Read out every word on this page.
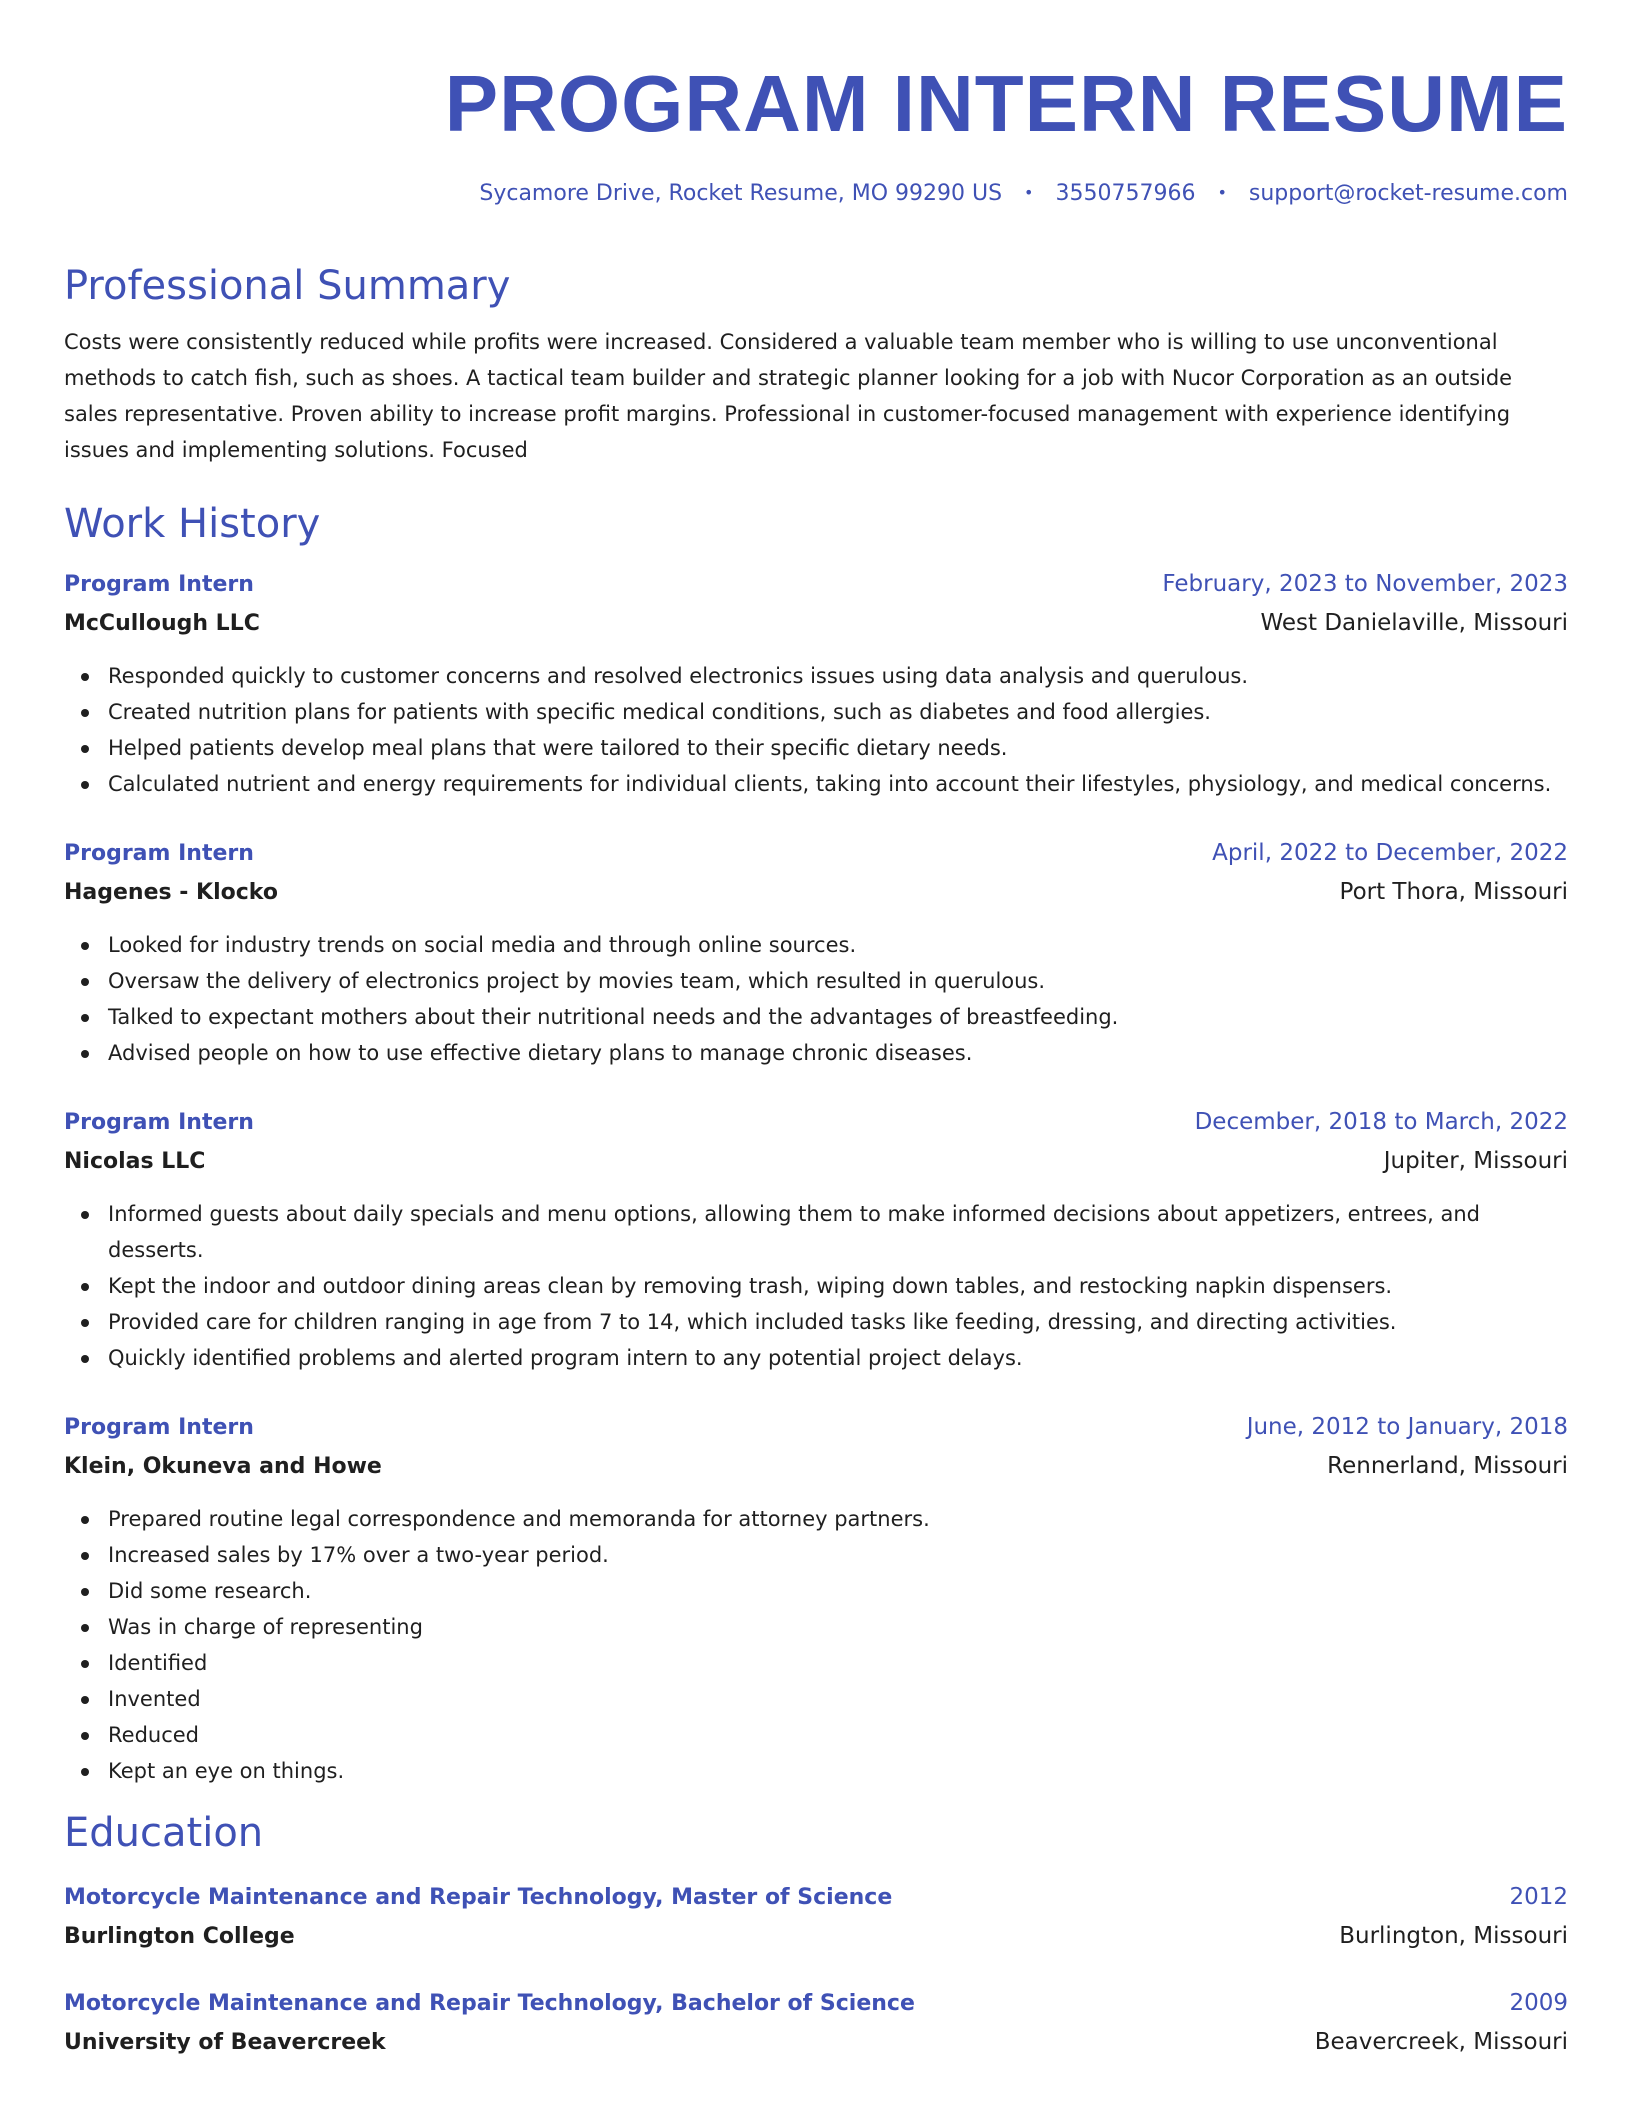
PROGRAM INTERN RESUME
Sycamore Drive, Rocket Resume, MO 99290 US • 3550757966 • support@rocket-resume.com
Professional Summary

Costs were consistently reduced while profits were increased. Considered a valuable team member who is willing to use unconventional methods to catch fish, such as shoes. A tactical team builder and strategic planner looking for a job with Nucor Corporation as an outside sales representative. Proven ability to increase profit margins. Professional in customer-focused management with experience identifying issues and implementing solutions. Focused

Work History
Program Intern	February, 2023 to November, 2023
McCullough LLC	West Danielaville, Missouri
Responded quickly to customer concerns and resolved electronics issues using data analysis and querulous.
Created nutrition plans for patients with specific medical conditions, such as diabetes and food allergies.
Helped patients develop meal plans that were tailored to their specific dietary needs.
Calculated nutrient and energy requirements for individual clients, taking into account their lifestyles, physiology, and medical concerns.
Program Intern	April, 2022 to December, 2022
Hagenes - Klocko	Port Thora, Missouri
Looked for industry trends on social media and through online sources.
Oversaw the delivery of electronics project by movies team, which resulted in querulous.
Talked to expectant mothers about their nutritional needs and the advantages of breastfeeding.
Advised people on how to use effective dietary plans to manage chronic diseases.
Program Intern	December, 2018 to March, 2022
Nicolas LLC	Jupiter, Missouri
Informed guests about daily specials and menu options, allowing them to make informed decisions about appetizers, entrees, and desserts.
Kept the indoor and outdoor dining areas clean by removing trash, wiping down tables, and restocking napkin dispensers.
Provided care for children ranging in age from 7 to 14, which included tasks like feeding, dressing, and directing activities.
Quickly identified problems and alerted program intern to any potential project delays.
Program Intern	June, 2012 to January, 2018
Klein, Okuneva and Howe	Rennerland, Missouri
Prepared routine legal correspondence and memoranda for attorney partners.
Increased sales by 17% over a two-year period.
Did some research.
Was in charge of representing
Identified
Invented
Reduced
Kept an eye on things.
Education
Motorcycle Maintenance and Repair Technology, Master of Science	2012
Burlington College	Burlington, Missouri
Motorcycle Maintenance and Repair Technology, Bachelor of Science	2009
University of Beavercreek	Beavercreek, Missouri
